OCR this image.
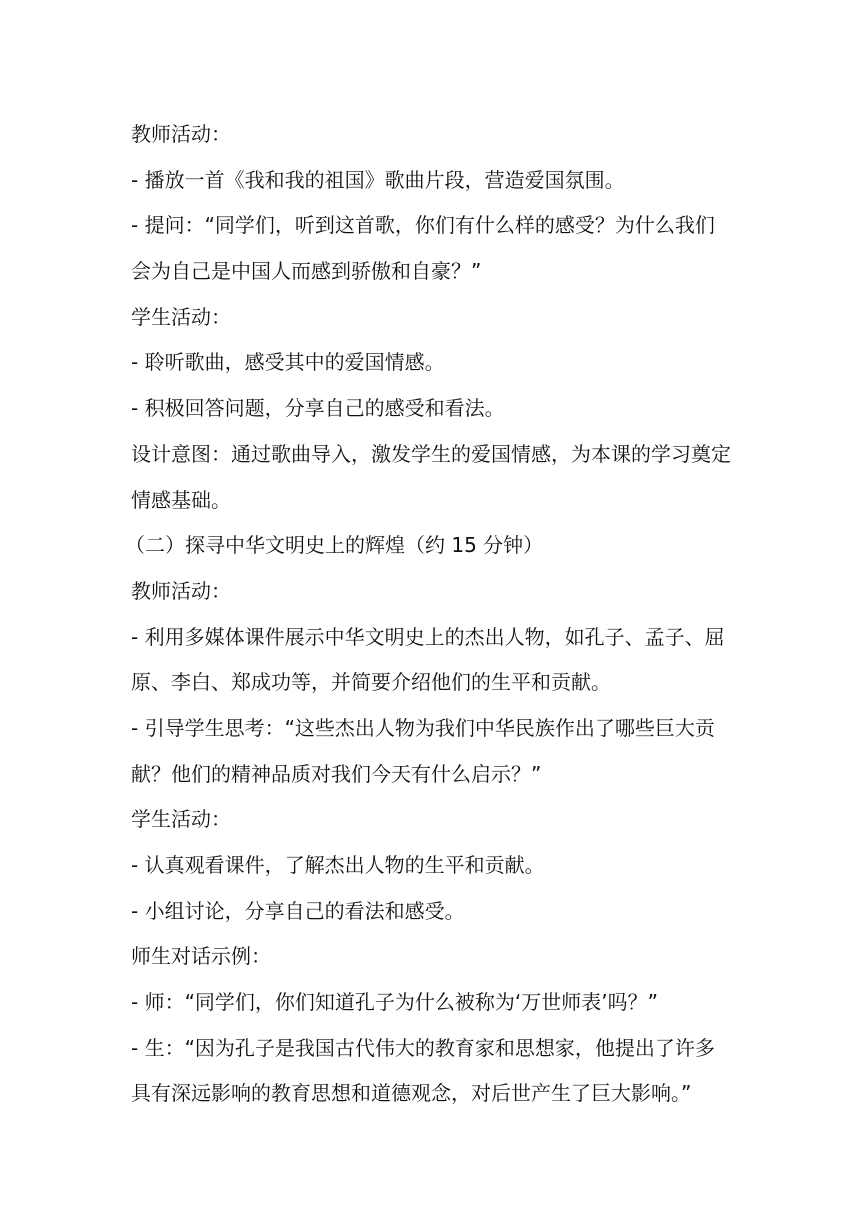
教师活动：
- 播放一首《我和我的祖国》歌曲片段，营造爱国氛围。
- 提问：“同学们，听到这首歌，你们有什么样的感受？为什么我们
会为自己是中国人而感到骄傲和自豪？”
学生活动：
- 聆听歌曲，感受其中的爱国情感。
- 积极回答问题，分享自己的感受和看法。
设计意图：通过歌曲导入，激发学生的爱国情感，为本课的学习奠定
情感基础。
（二）探寻中华文明史上的辉煌（约 15 分钟）
教师活动：
- 利用多媒体课件展示中华文明史上的杰出人物，如孔子、孟子、屈
原、李白、郑成功等，并简要介绍他们的生平和贡献。
- 引导学生思考：“这些杰出人物为我们中华民族作出了哪些巨大贡
献？他们的精神品质对我们今天有什么启示？”
学生活动：
- 认真观看课件，了解杰出人物的生平和贡献。
- 小组讨论，分享自己的看法和感受。
师生对话示例：
- 师：“同学们，你们知道孔子为什么被称为‘万世师表’吗？”
- 生：“因为孔子是我国古代伟大的教育家和思想家，他提出了许多
具有深远影响的教育思想和道德观念，对后世产生了巨大影响。”
